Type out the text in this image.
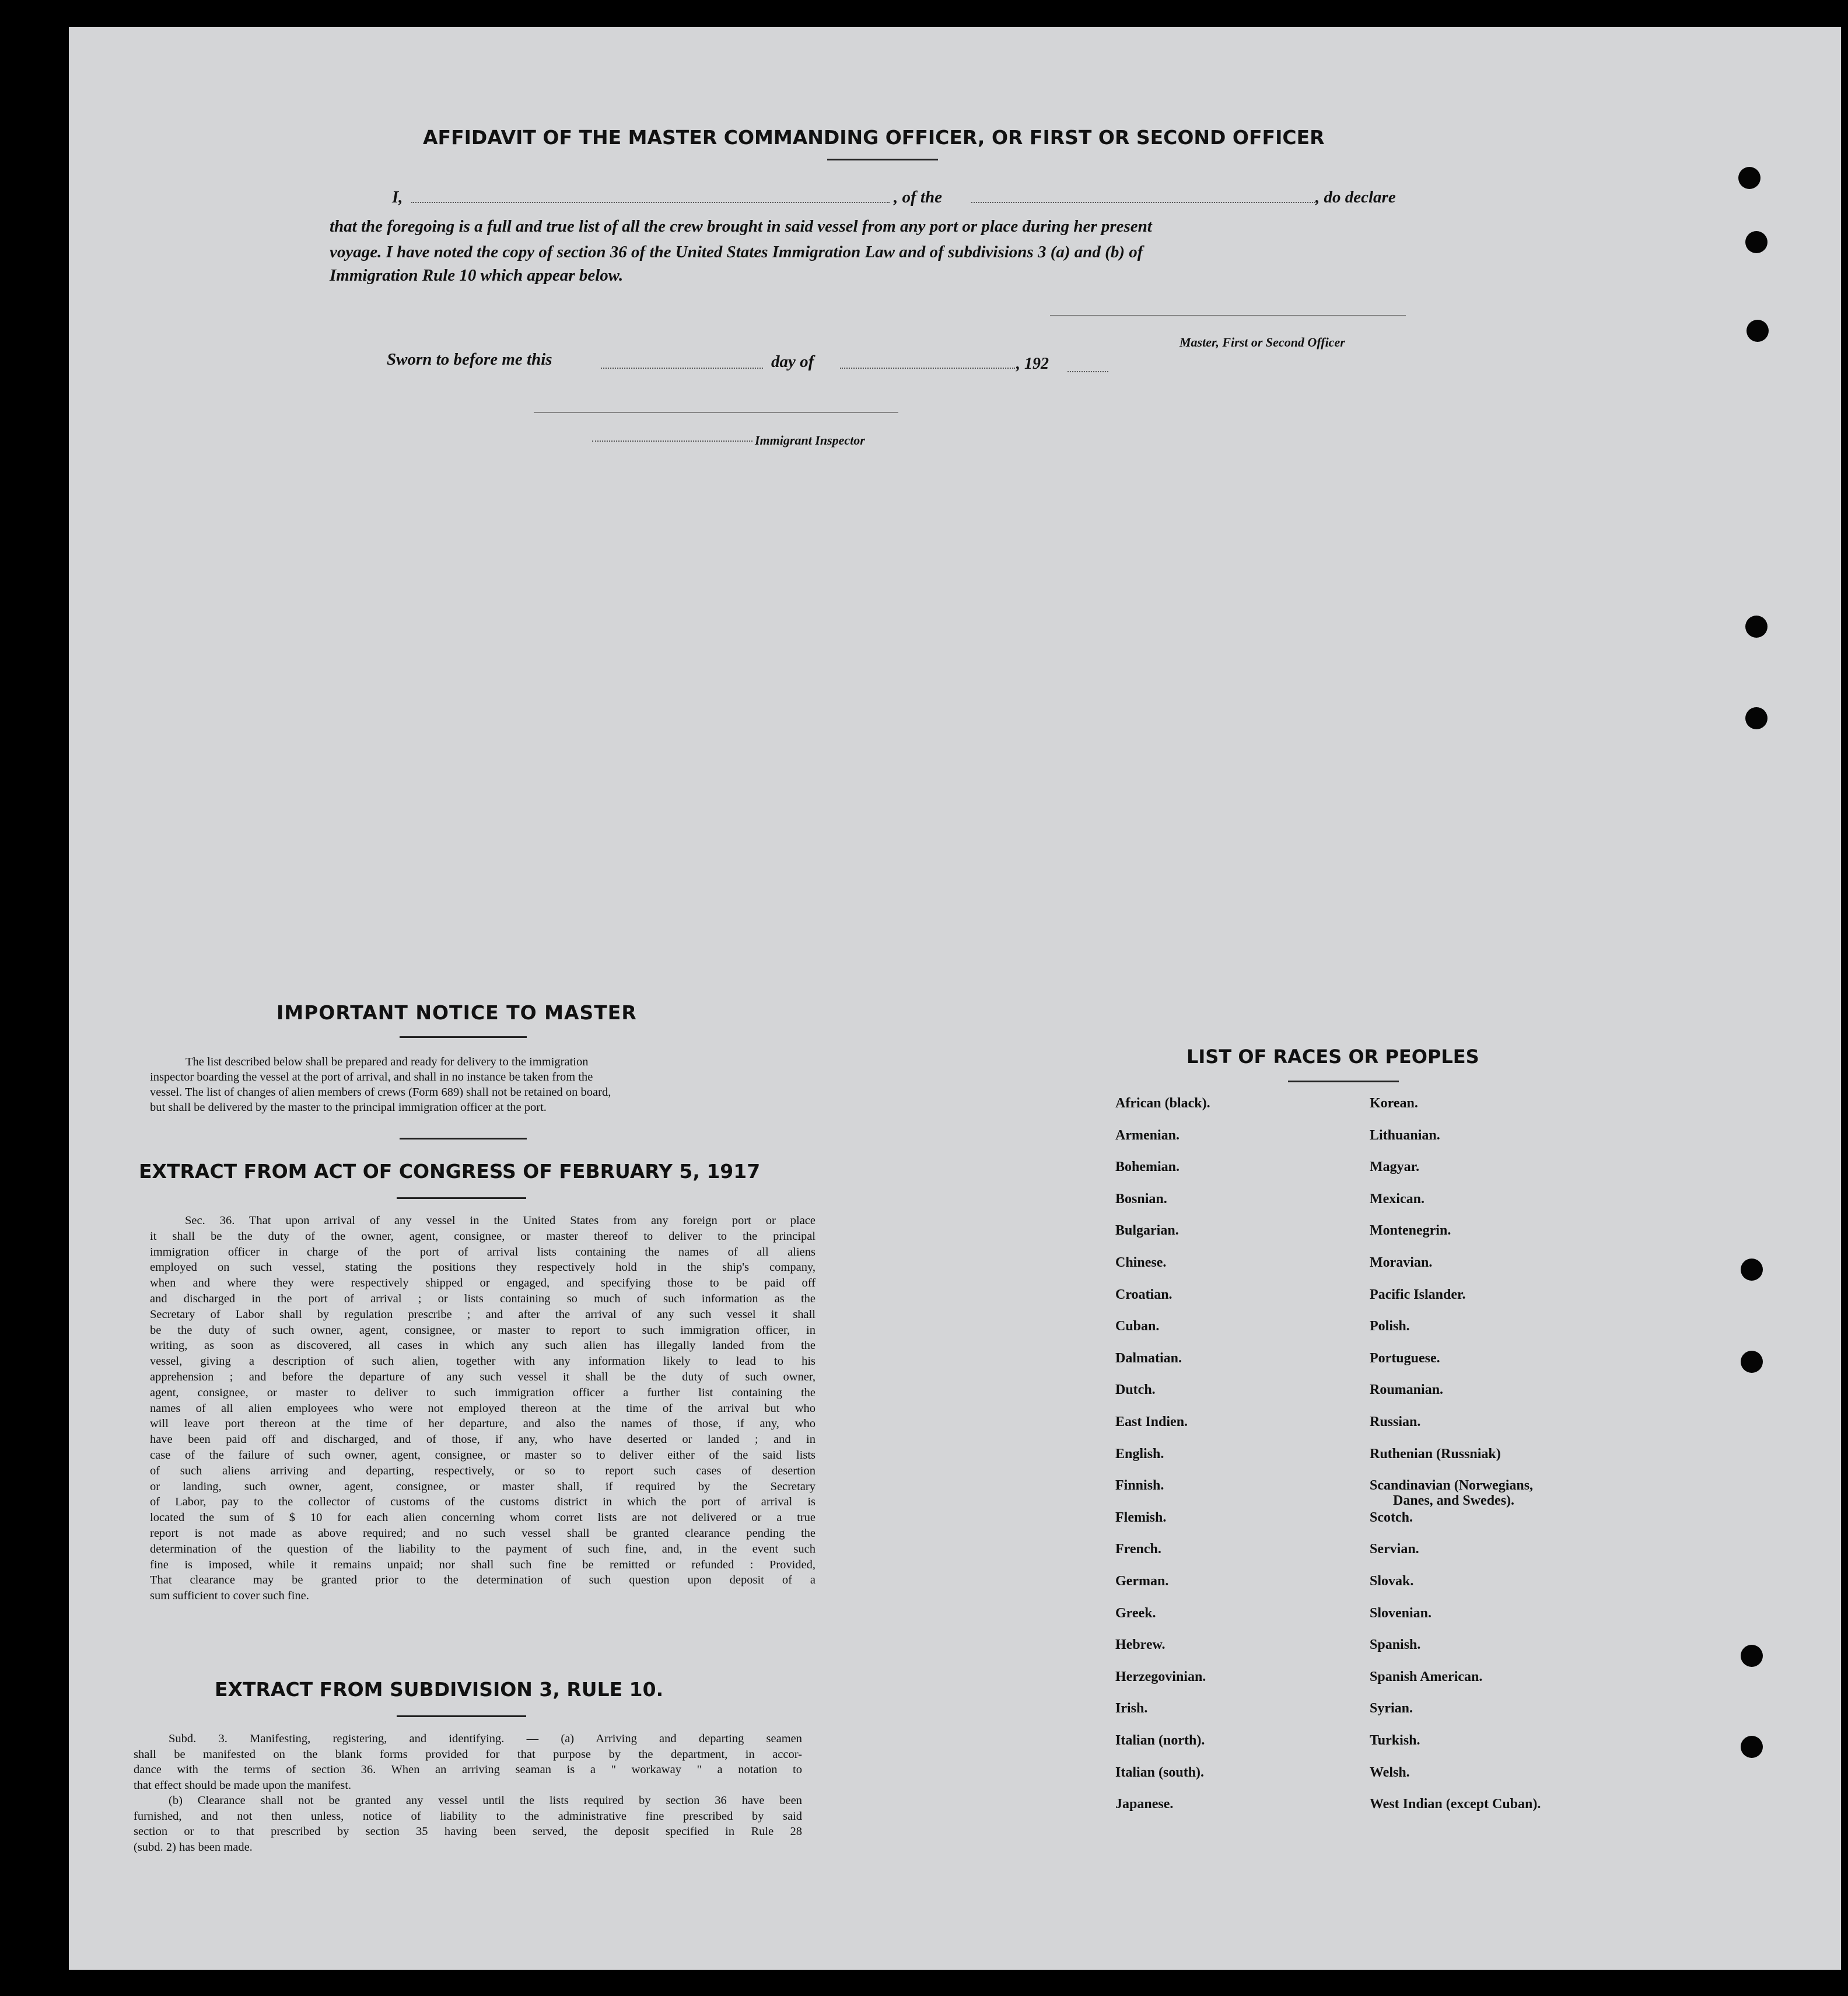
AFFIDAVIT OF THE MASTER COMMANDING OFFICER, OR FIRST OR SECOND OFFICER
I,	, of the	, do declare
that the foregoing is a full and true list of all the crew brought in said vessel from any port or place during her present
voyage. I have noted the copy of section 36 of the United States Immigration Law and of subdivisions 3 (a) and (b) of
Immigration Rule 10 which appear below.
Master, First or Second Officer
Sworn to before me this	day of	, 192
Immigrant Inspector
IMPORTANT NOTICE TO MASTER
The list described below shall be prepared and ready for delivery to the immigration
inspector boarding the vessel at the port of arrival, and shall in no instance be taken from the
vessel. The list of changes of alien members of crews (Form 689) shall not be retained on board,
but shall be delivered by the master to the principal immigration officer at the port.
EXTRACT FROM ACT OF CONGRESS OF FEBRUARY 5, 1917
Sec. 36. That upon arrival of any vessel in the United States from any foreign port or place
it shall be the duty of the owner, agent, consignee, or master thereof to deliver to the principal
immigration officer in charge of the port of arrival lists containing the names of all aliens
employed on such vessel, stating the positions they respectively hold in the ship's company,
when and where they were respectively shipped or engaged, and specifying those to be paid off
and discharged in the port of arrival ; or lists containing so much of such information as the
Secretary of Labor shall by regulation prescribe ; and after the arrival of any such vessel it shall
be the duty of such owner, agent, consignee, or master to report to such immigration officer, in
writing, as soon as discovered, all cases in which any such alien has illegally landed from the
vessel, giving a description of such alien, together with any information likely to lead to his
apprehension ; and before the departure of any such vessel it shall be the duty of such owner,
agent, consignee, or master to deliver to such immigration officer a further list containing the
names of all alien employees who were not employed thereon at the time of the arrival but who
will leave port thereon at the time of her departure, and also the names of those, if any, who
have been paid off and discharged, and of those, if any, who have deserted or landed ; and in
case of the failure of such owner, agent, consignee, or master so to deliver either of the said lists
of such aliens arriving and departing, respectively, or so to report such cases of desertion
or landing, such owner, agent, consignee, or master shall, if required by the Secretary
of Labor, pay to the collector of customs of the customs district in which the port of arrival is
located the sum of $ 10 for each alien concerning whom corret lists are not delivered or a true
report is not made as above required; and no such vessel shall be granted clearance pending the
determination of the question of the liability to the payment of such fine, and, in the event such
fine is imposed, while it remains unpaid; nor shall such fine be remitted or refunded : Provided,
That clearance may be granted prior to the determination of such question upon deposit of a
sum sufficient to cover such fine.
EXTRACT FROM SUBDIVISION 3, RULE 10.
Subd. 3. Manifesting, registering, and identifying. — (a) Arriving and departing seamen
shall be manifested on the blank forms provided for that purpose by the department, in accor-
dance with the terms of section 36. When an arriving seaman is a " workaway " a notation to
that effect should be made upon the manifest.
(b) Clearance shall not be granted any vessel until the lists required by section 36 have been
furnished, and not then unless, notice of liability to the administrative fine prescribed by said
section or to that prescribed by section 35 having been served, the deposit specified in Rule 28
(subd. 2) has been made.
LIST OF RACES OR PEOPLES
African (black).
Armenian.
Bohemian.
Bosnian.
Bulgarian.
Chinese.
Croatian.
Cuban.
Dalmatian.
Dutch.
East Indien.
English.
Finnish.
Flemish.
French.
German.
Greek.
Hebrew.
Herzegovinian.
Irish.
Italian (north).
Italian (south).
Japanese.
Korean.
Lithuanian.
Magyar.
Mexican.
Montenegrin.
Moravian.
Pacific Islander.
Polish.
Portuguese.
Roumanian.
Russian.
Ruthenian (Russniak)
Scandinavian (Norwegians,
Danes, and Swedes).
Scotch.
Servian.
Slovak.
Slovenian.
Spanish.
Spanish American.
Syrian.
Turkish.
Welsh.
West Indian (except Cuban).
